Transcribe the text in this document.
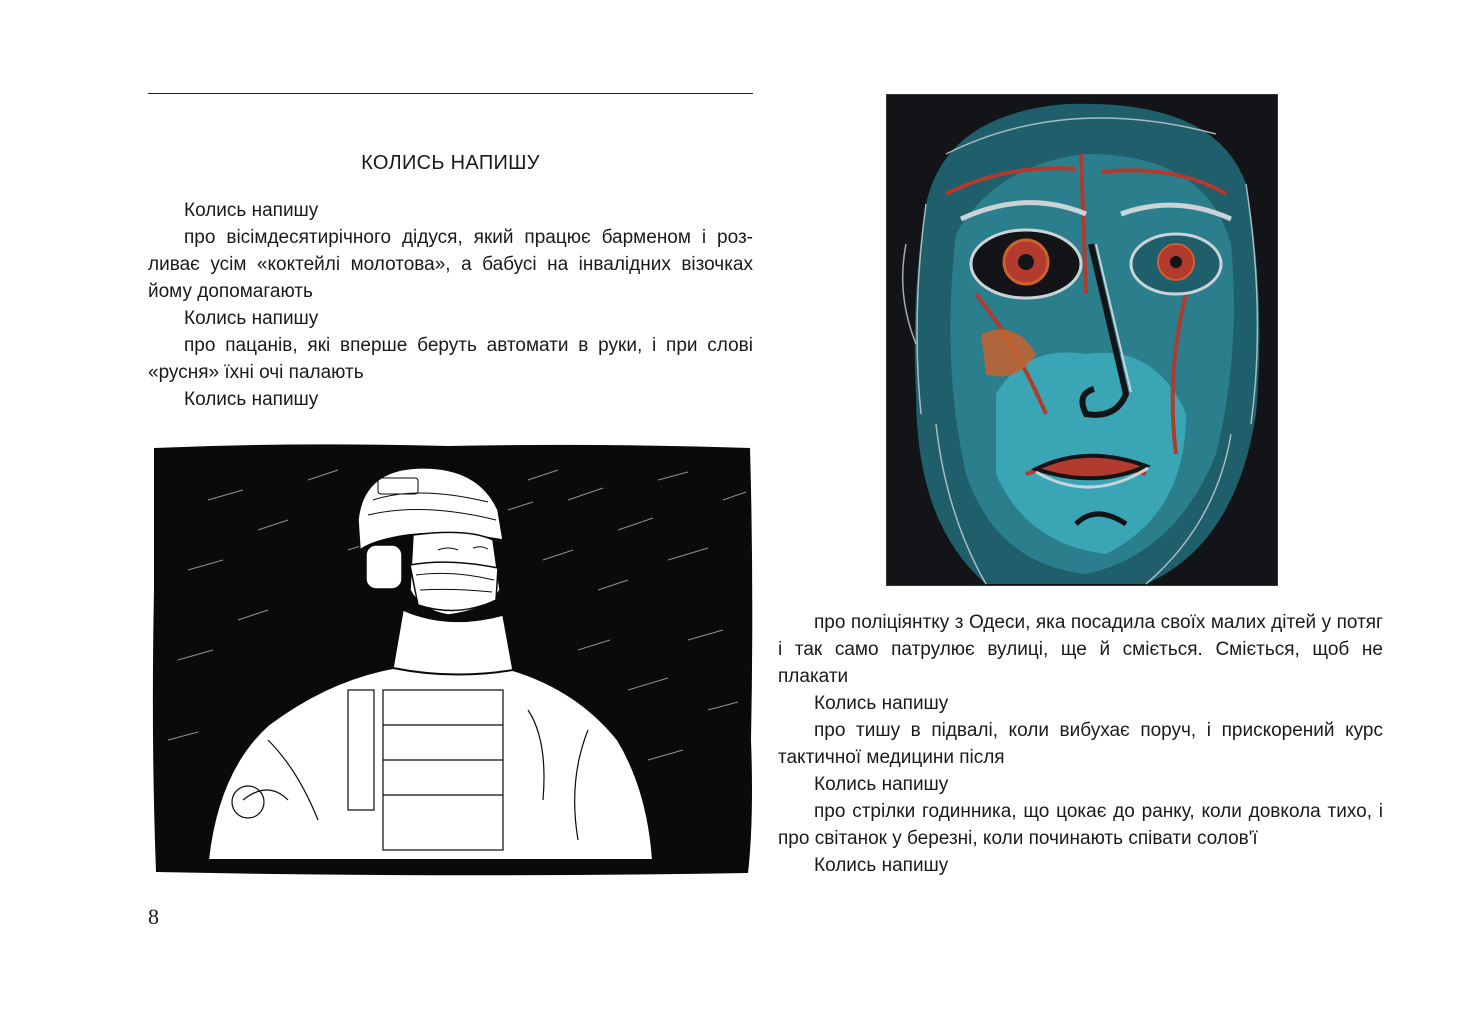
КОЛИСЬ НАПИШУ

Колись напишу

про вісімдесятирічного дідуся, який працює барменом і розливає усім «коктейлі молотова», а бабусі на інвалідних візочках йому допомагають

Колись напишу

про пацанів, які вперше беруть автомати в руки, і при слові «русня» їхні очі палають

Колись напишу

Puzik'24

про поліціянтку з Одеси, яка посадила своїх малих дітей у потяг і так само патрулює вулиці, ще й сміється. Сміється, щоб не плакати

Колись напишу

про тишу в підвалі, коли вибухає поруч, і прискорений курс тактичної медицини після

Колись напишу

про стрілки годинника, що цокає до ранку, коли довкола тихо, і про світанок у березні, коли починають співати солов'ї

Колись напишу

8
